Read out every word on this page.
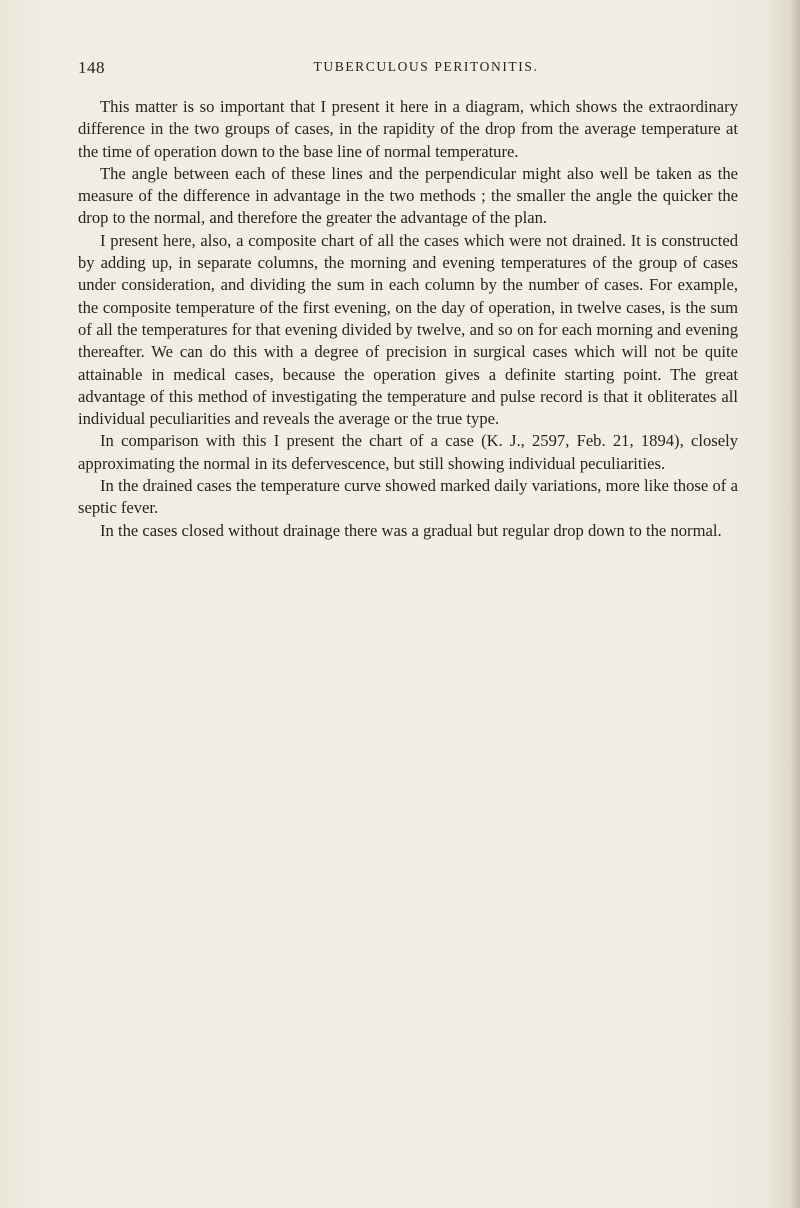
148	TUBERCULOUS PERITONITIS.

This matter is so important that I present it here in a diagram, which shows the extraordinary difference in the two groups of cases, in the rapidity of the drop from the average temperature at the time of operation down to the base line of normal temperature.

The angle between each of these lines and the perpendicular might also well be taken as the measure of the difference in advantage in the two methods ; the smaller the angle the quicker the drop to the normal, and therefore the greater the advantage of the plan.

I present here, also, a composite chart of all the cases which were not drained. It is constructed by adding up, in separate columns, the morning and evening temperatures of the group of cases under consideration, and dividing the sum in each column by the number of cases. For example, the composite temperature of the first evening, on the day of operation, in twelve cases, is the sum of all the temperatures for that evening divided by twelve, and so on for each morning and evening thereafter. We can do this with a degree of precision in surgical cases which will not be quite attainable in medical cases, because the operation gives a definite starting point. The great advantage of this method of investigating the temperature and pulse record is that it obliterates all individual peculiarities and reveals the average or the true type.

In comparison with this I present the chart of a case (K. J., 2597, Feb. 21, 1894), closely approximating the normal in its defervescence, but still showing individual peculiarities.

In the drained cases the temperature curve showed marked daily variations, more like those of a septic fever.

In the cases closed without drainage there was a gradual but regular drop down to the normal.
